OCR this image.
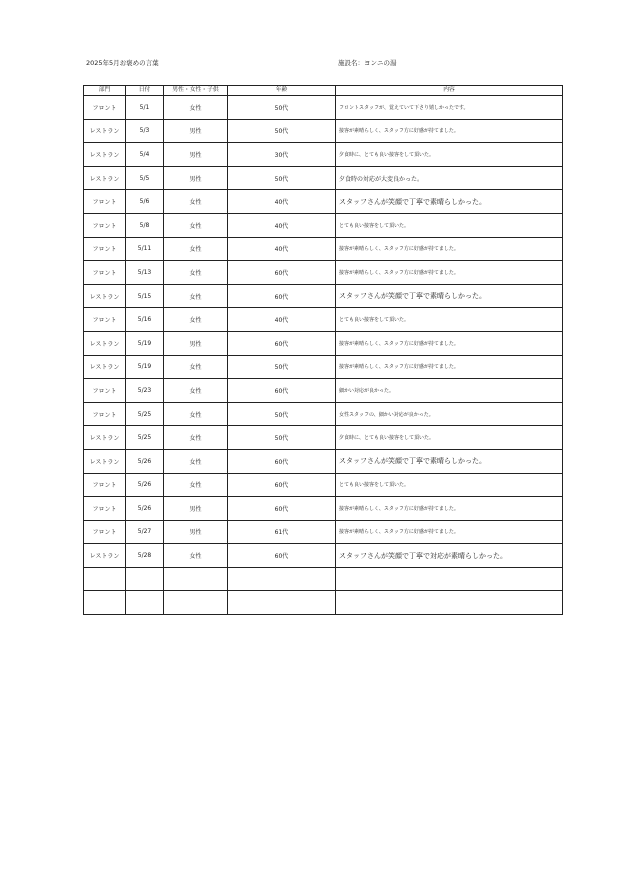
2025年5月お褒めの言葉	施設名：ヨンニの湯
部門	日付	男性・女性・子供	年齢	内容
フロント	5/1	女性	50代	フロントスタッフが、覚えていて下さり嬉しかったです。
レストラン	5/3	男性	50代	接客が素晴らしく、スタッフ方に好感が持てました。
レストラン	5/4	男性	30代	夕食時に、とても良い接客をして頂いた。
レストラン	5/5	男性	50代	夕食時の対応が大変良かった。
フロント	5/6	女性	40代	スタッフさんが笑顔で丁寧で素晴らしかった。
フロント	5/8	女性	40代	とても良い接客をして頂いた。
フロント	5/11	女性	40代	接客が素晴らしく、スタッフ方に好感が持てました。
フロント	5/13	女性	60代	接客が素晴らしく、スタッフ方に好感が持てました。
レストラン	5/15	女性	60代	スタッフさんが笑顔で丁寧で素晴らしかった。
フロント	5/16	女性	40代	とても良い接客をして頂いた。
レストラン	5/19	男性	60代	接客が素晴らしく、スタッフ方に好感が持てました。
レストラン	5/19	女性	50代	接客が素晴らしく、スタッフ方に好感が持てました。
フロント	5/23	女性	60代	細かい対応が良かった。
フロント	5/25	女性	50代	女性スタッフの、細かい対応が良かった。
レストラン	5/25	女性	50代	夕食時に、とても良い接客をして頂いた。
レストラン	5/26	女性	60代	スタッフさんが笑顔で丁寧で素晴らしかった。
フロント	5/26	女性	60代	とても良い接客をして頂いた。
フロント	5/26	男性	60代	接客が素晴らしく、スタッフ方に好感が持てました。
フロント	5/27	男性	61代	接客が素晴らしく、スタッフ方に好感が持てました。
レストラン	5/28	女性	60代	スタッフさんが笑顔で丁寧で対応が素晴らしかった。
